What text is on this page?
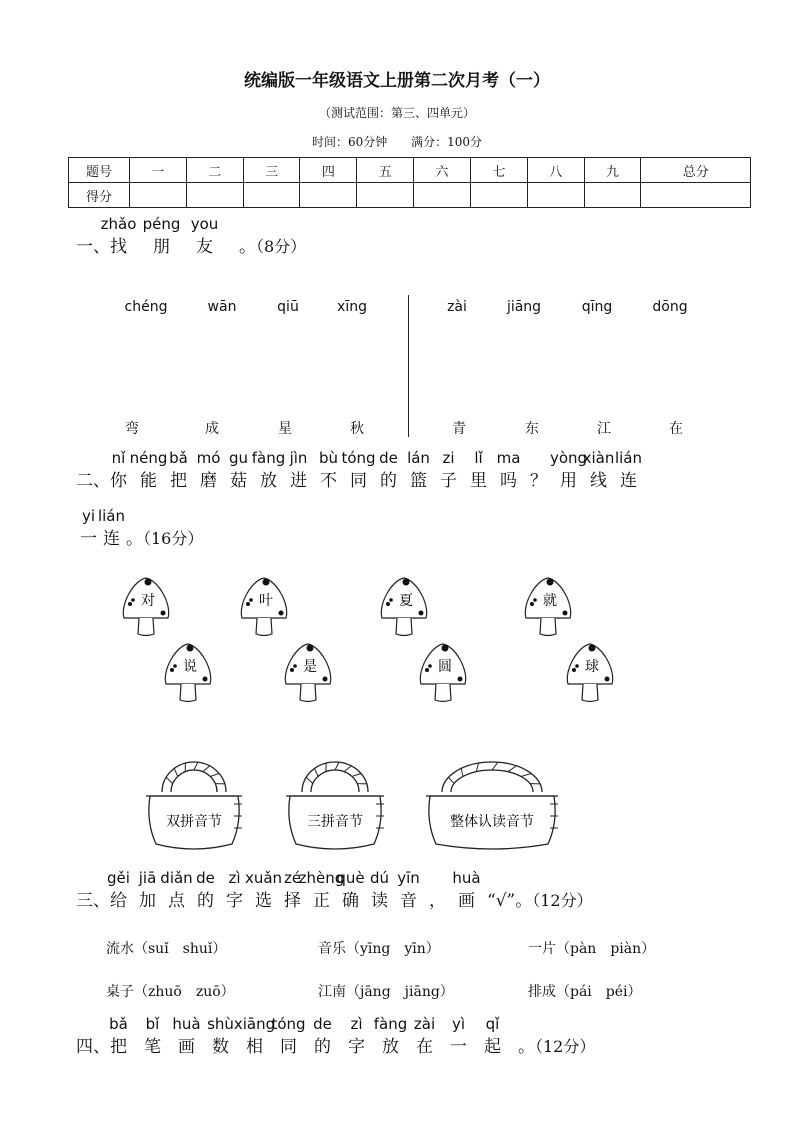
统编版一年级语文上册第二次月考（一）
（测试范围：第三、四单元）
时间：60分钟 满分：100分
题号	一	二	三	四	五	六	七	八	九	总分
得分										
一、
zhǎo
找
péng
朋
you
友 。（8分）
chéng	wān	qiū	xīng	zài	jiāng	qīng	dōng
弯	成	星	秋	青	东	江	在
二、
nǐ
你
néng
能
bǎ
把
mó
磨
gu
菇
fàng
放
jìn
进
bù
不
tóng
同
de
的
lán
篮
zi
子
lǐ
里
ma
吗 ？
yòng
用
xiàn
线
lián
连
yi
一
lián
连 。（16分）
对	叶	夏	就
说	是	圆	球
双拼音节	三拼音节	整体认读音节
三、
gěi
给
jiā
加
diǎn
点
de
的
zì
字
xuǎn
选
zé
择
zhèng
正
què
确
dú
读
yīn
音 ，
huà
画 “√”。（12分）
流水（suǐ　shuǐ）	音乐（yīng　yīn）	一片（pàn　piàn）
桌子（zhuō　zuō）	江南（jāng　jiāng）	排成（pái　péi）
四、
bǎ
把
bǐ
笔
huà
画
shù
数
xiāng
相
tóng
同
de
的
zì
字
fàng
放
zài
在
yì
一
qǐ
起 。（12分）
